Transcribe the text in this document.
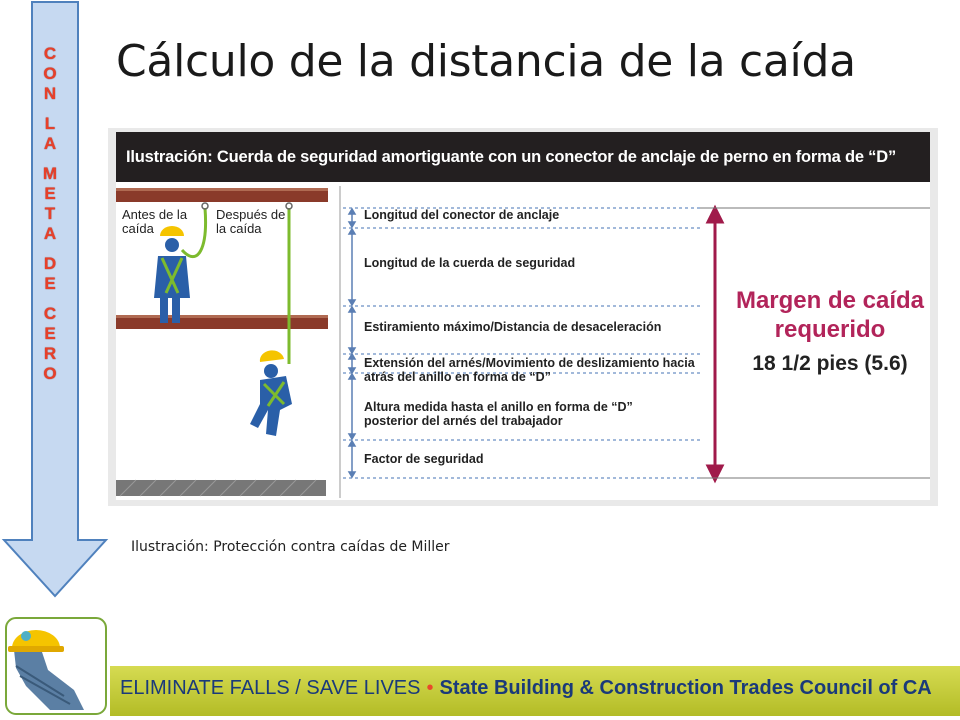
C
O
N
L
A
M
E
T
A
D
E
C
E
R
O
Cálculo de la distancia de la caída
Ilustración: Cuerda de seguridad amortiguante con un conector de anclaje de perno en forma de “D”
Antes de la caída
Después de la caída
Longitud del conector de anclaje
Longitud de la cuerda de seguridad
Estiramiento máximo/Distancia de desaceleración
Extensión del arnés/Movimiento de deslizamiento hacia atrás del anillo en forma de “D”
Altura medida hasta el anillo en forma de “D” posterior del arnés del trabajador
Factor de seguridad
Margen de caída requerido
18 1/2 pies (5.6)
Ilustración: Protección contra caídas de Miller
ELIMINATE FALLS / SAVE LIVES • State Building & Construction Trades Council of CA
